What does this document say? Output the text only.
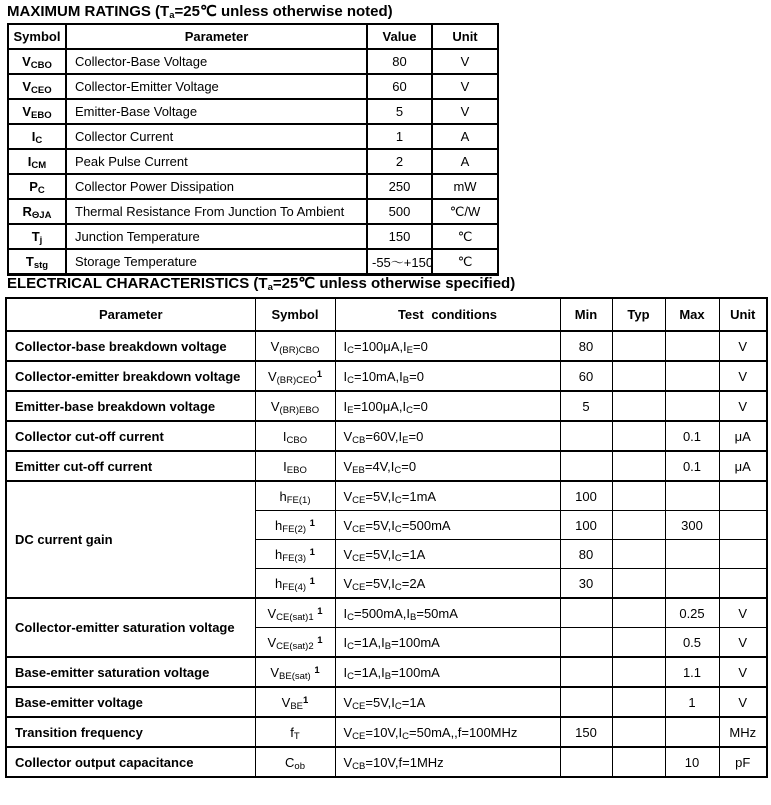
MAXIMUM RATINGS ($T_a=25℃$ unless otherwise noted)
Symbol	Parameter	Value	Unit
$V_{CBO}$	Collector-Base Voltage	80	V
$V_{CEO}$	Collector-Emitter Voltage	60	V
$V_{EBO}$	Emitter-Base Voltage	5	V
$I_C$	Collector Current	1	A
$I_{CM}$	Peak Pulse Current	2	A
$P_C$	Collector Power Dissipation	250	mW
$R_{\Theta JA}$	Thermal Resistance From Junction To Ambient	500	℃/W
$T_j$	Junction Temperature	150	℃
$T_{stg}$	Storage Temperature	-55～+150	℃
ELECTRICAL CHARACTERISTICS ($T_a=25℃$ unless otherwise specified)
Parameter	Symbol	Test conditions	Min	Typ	Max	Unit
Collector-base breakdown voltage	$V_{(BR)CBO}$	$I_C=100\mu A,I_E=0$	80			V
Collector-emitter breakdown voltage	$V_{(BR)CEO}^1$	$I_C=10mA,I_B=0$	60			V
Emitter-base breakdown voltage	$V_{(BR)EBO}$	$I_E=100\mu A,I_C=0$	5			V
Collector cut-off current	$I_{CBO}$	$V_{CB}=60V,I_E=0$			0.1	μA
Emitter cut-off current	$I_{EBO}$	$V_{EB}=4V,I_C=0$			0.1	μA
DC current gain	$h_{FE(1)}$	$V_{CE}=5V,I_C=1mA$	100			
	$h_{FE(2)}$ $^1$	$V_{CE}=5V,I_C=500mA$	100		300	
	$h_{FE(3)}$ $^1$	$V_{CE}=5V,I_C=1A$	80			
	$h_{FE(4)}$ $^1$	$V_{CE}=5V,I_C=2A$	30			
Collector-emitter saturation voltage	$V_{CE(sat)1}$ $^1$	$I_C=500mA,I_B=50mA$			0.25	V
	$V_{CE(sat)2}$ $^1$	$I_C=1A,I_B=100mA$			0.5	V
Base-emitter saturation voltage	$V_{BE(sat)}$ $^1$	$I_C=1A,I_B=100mA$			1.1	V
Base-emitter voltage	$V_{BE}^1$	$V_{CE}=5V,I_C=1A$			1	V
Transition frequency	$f_T$	$V_{CE}=10V,I_C=50mA,,f=100MHz$	150			MHz
Collector output capacitance	$C_{ob}$	$V_{CB}=10V,f=1MHz$			10	pF
